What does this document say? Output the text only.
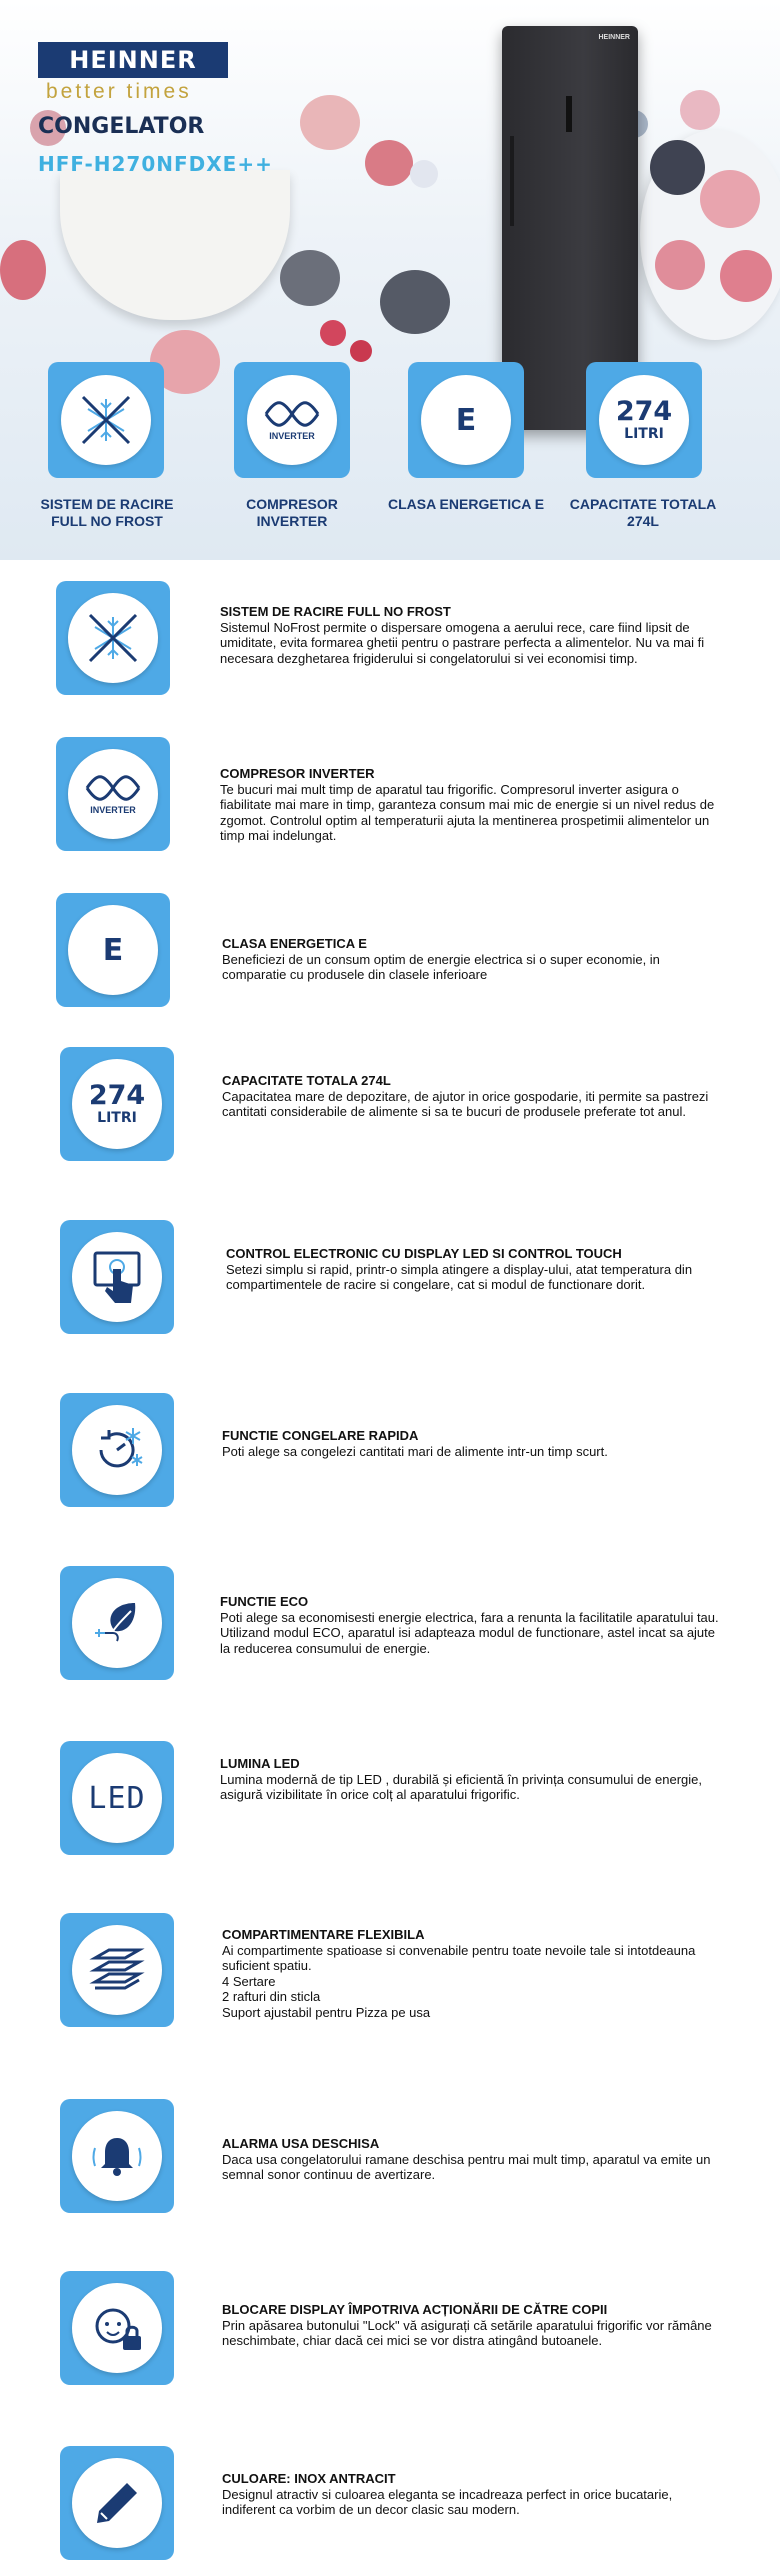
HEINNER
better times
CONGELATOR
HFF-H270NFDXE++
HEINNER
SISTEM DE RACIRE FULL NO FROST
INVERTER
COMPRESOR INVERTER
E
CLASA ENERGETICA E
274
LITRI
CAPACITATE TOTALA 274L
SISTEM DE RACIRE FULL NO FROST
Sistemul NoFrost permite o dispersare omogena a aerului rece, care fiind lipsit de umiditate, evita formarea ghetii pentru o pastrare perfecta a alimentelor. Nu va mai fi necesara dezghetarea frigiderului si congelatorului si vei economisi timp.
INVERTER
COMPRESOR INVERTER
Te bucuri mai mult timp de aparatul tau frigorific. Compresorul inverter asigura o fiabilitate mai mare in timp, garanteza consum mai mic de energie si un nivel redus de zgomot. Controlul optim al temperaturii ajuta la mentinerea prospetimii alimentelor un timp mai indelungat.
E	CLASA ENERGETICA E
Beneficiezi de un consum optim de energie electrica si o super economie, in comparatie cu produsele din clasele inferioare
274
LITRI
CAPACITATE TOTALA 274L
Capacitatea mare de depozitare, de ajutor in orice gospodarie, iti permite sa pastrezi cantitati considerabile de alimente si sa te bucuri de produsele preferate tot anul.
CONTROL ELECTRONIC CU DISPLAY LED SI CONTROL TOUCH
Setezi simplu si rapid, printr-o simpla atingere a display-ului, atat temperatura din compartimentele de racire si congelare, cat si modul de functionare dorit.
FUNCTIE CONGELARE RAPIDA
Poti alege sa congelezi cantitati mari de alimente intr-un timp scurt.
FUNCTIE ECO
Poti alege sa economisesti energie electrica, fara a renunta la facilitatile aparatului tau. Utilizand modul ECO, aparatul isi adapteaza modul de functionare, astel incat sa ajute la reducerea consumului de energie.
LED
LUMINA LED
Lumina modernă de tip LED , durabilă și eficientă în privința consumului de energie, asigură vizibilitate în orice colț al aparatului frigorific.
COMPARTIMENTARE FLEXIBILA
Ai compartimente spatioase si convenabile pentru toate nevoile tale si intotdeauna suficient spatiu.
4 Sertare
2 rafturi din sticla
Suport ajustabil pentru Pizza pe usa
ALARMA USA DESCHISA
Daca usa congelatorului ramane deschisa pentru mai mult timp, aparatul va emite un semnal sonor continuu de avertizare.
BLOCARE DISPLAY ÎMPOTRIVA ACȚIONĂRII DE CĂTRE COPII
Prin apăsarea butonului "Lock" vă asigurați că setările aparatului frigorific vor rămâne neschimbate, chiar dacă cei mici se vor distra atingând butoanele.
CULOARE: INOX ANTRACIT
Designul atractiv si culoarea eleganta se incadreaza perfect in orice bucatarie, indiferent ca vorbim de un decor clasic sau modern.
